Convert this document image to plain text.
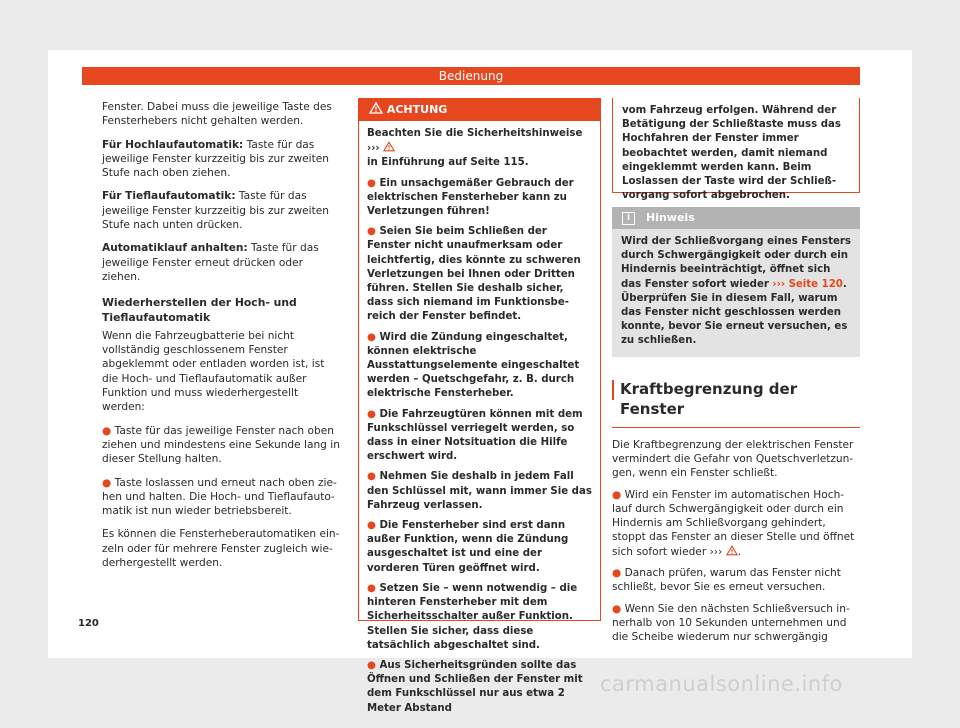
Bedienung

Fenster. Dabei muss die jeweilige Taste des Fensterhebers nicht gehalten werden.

Für Hochlaufautomatik: Taste für das jeweilige Fenster kurzzeitig bis zur zweiten Stufe nach oben ziehen.

Für Tieflaufautomatik: Taste für das jeweilige Fenster kurzzeitig bis zur zweiten Stufe nach unten drücken.

Automatiklauf anhalten: Taste für das jeweilige Fenster erneut drücken oder ziehen.

Wiederherstellen der Hoch- und Tieflaufautomatik

Wenn die Fahrzeugbatterie bei nicht vollständig geschlossenem Fenster abgeklemmt oder entladen worden ist, ist die Hoch- und Tieflaufautomatik außer Funktion und muss wiederhergestellt werden:

● Taste für das jeweilige Fenster nach oben ziehen und mindestens eine Sekunde lang in dieser Stellung halten.

● Taste loslassen und erneut nach oben ziehen und halten. Die Hoch- und Tieflaufautomatik ist nun wieder betriebsbereit.

Es können die Fensterheberautomatiken einzeln oder für mehrere Fenster zugleich wiederhergestellt werden.

ACHTUNG

Beachten Sie die Sicherheitshinweise ›››
in Einführung auf Seite 115.

● Ein unsachgemäßer Gebrauch der elektrischen Fensterheber kann zu Verletzungen führen!

● Seien Sie beim Schließen der Fenster nicht unaufmerksam oder leichtfertig, dies könnte zu schweren Verletzungen bei Ihnen oder Dritten führen. Stellen Sie deshalb sicher, dass sich niemand im Funktionsbereich der Fenster befindet.

● Wird die Zündung eingeschaltet, können elektrische Ausstattungselemente eingeschaltet werden – Quetschgefahr, z. B. durch elektrische Fensterheber.

● Die Fahrzeugtüren können mit dem Funkschlüssel verriegelt werden, so dass in einer Notsituation die Hilfe erschwert wird.

● Nehmen Sie deshalb in jedem Fall den Schlüssel mit, wann immer Sie das Fahrzeug verlassen.

● Die Fensterheber sind erst dann außer Funktion, wenn die Zündung ausgeschaltet ist und eine der vorderen Türen geöffnet wird.

● Setzen Sie – wenn notwendig – die hinteren Fensterheber mit dem Sicherheitsschalter außer Funktion. Stellen Sie sicher, dass diese tatsächlich abgeschaltet sind.

● Aus Sicherheitsgründen sollte das Öffnen und Schließen der Fenster mit dem Funkschlüssel nur aus etwa 2 Meter Abstand

vom Fahrzeug erfolgen. Während der Betätigung der Schließtaste muss das Hochfahren der Fenster immer beobachtet werden, damit niemand eingeklemmt werden kann. Beim Loslassen der Taste wird der Schließvorgang sofort abgebrochen.

i	Hinweis

Wird der Schließvorgang eines Fensters durch Schwergängigkeit oder durch ein Hindernis beeinträchtigt, öffnet sich das Fenster sofort wieder ››› Seite 120. Überprüfen Sie in diesem Fall, warum das Fenster nicht geschlossen werden konnte, bevor Sie erneut versuchen, es zu schließen.

Kraftbegrenzung der Fenster

Die Kraftbegrenzung der elektrischen Fenster vermindert die Gefahr von Quetschverletzungen, wenn ein Fenster schließt.

● Wird ein Fenster im automatischen Hochlauf durch Schwergängigkeit oder durch ein Hindernis am Schließvorgang gehindert, stoppt das Fenster an dieser Stelle und öffnet sich sofort wieder ››› .

● Danach prüfen, warum das Fenster nicht schließt, bevor Sie es erneut versuchen.

● Wenn Sie den nächsten Schließversuch innerhalb von 10 Sekunden unternehmen und die Scheibe wiederum nur schwergängig

120
carmanualsonline.info
